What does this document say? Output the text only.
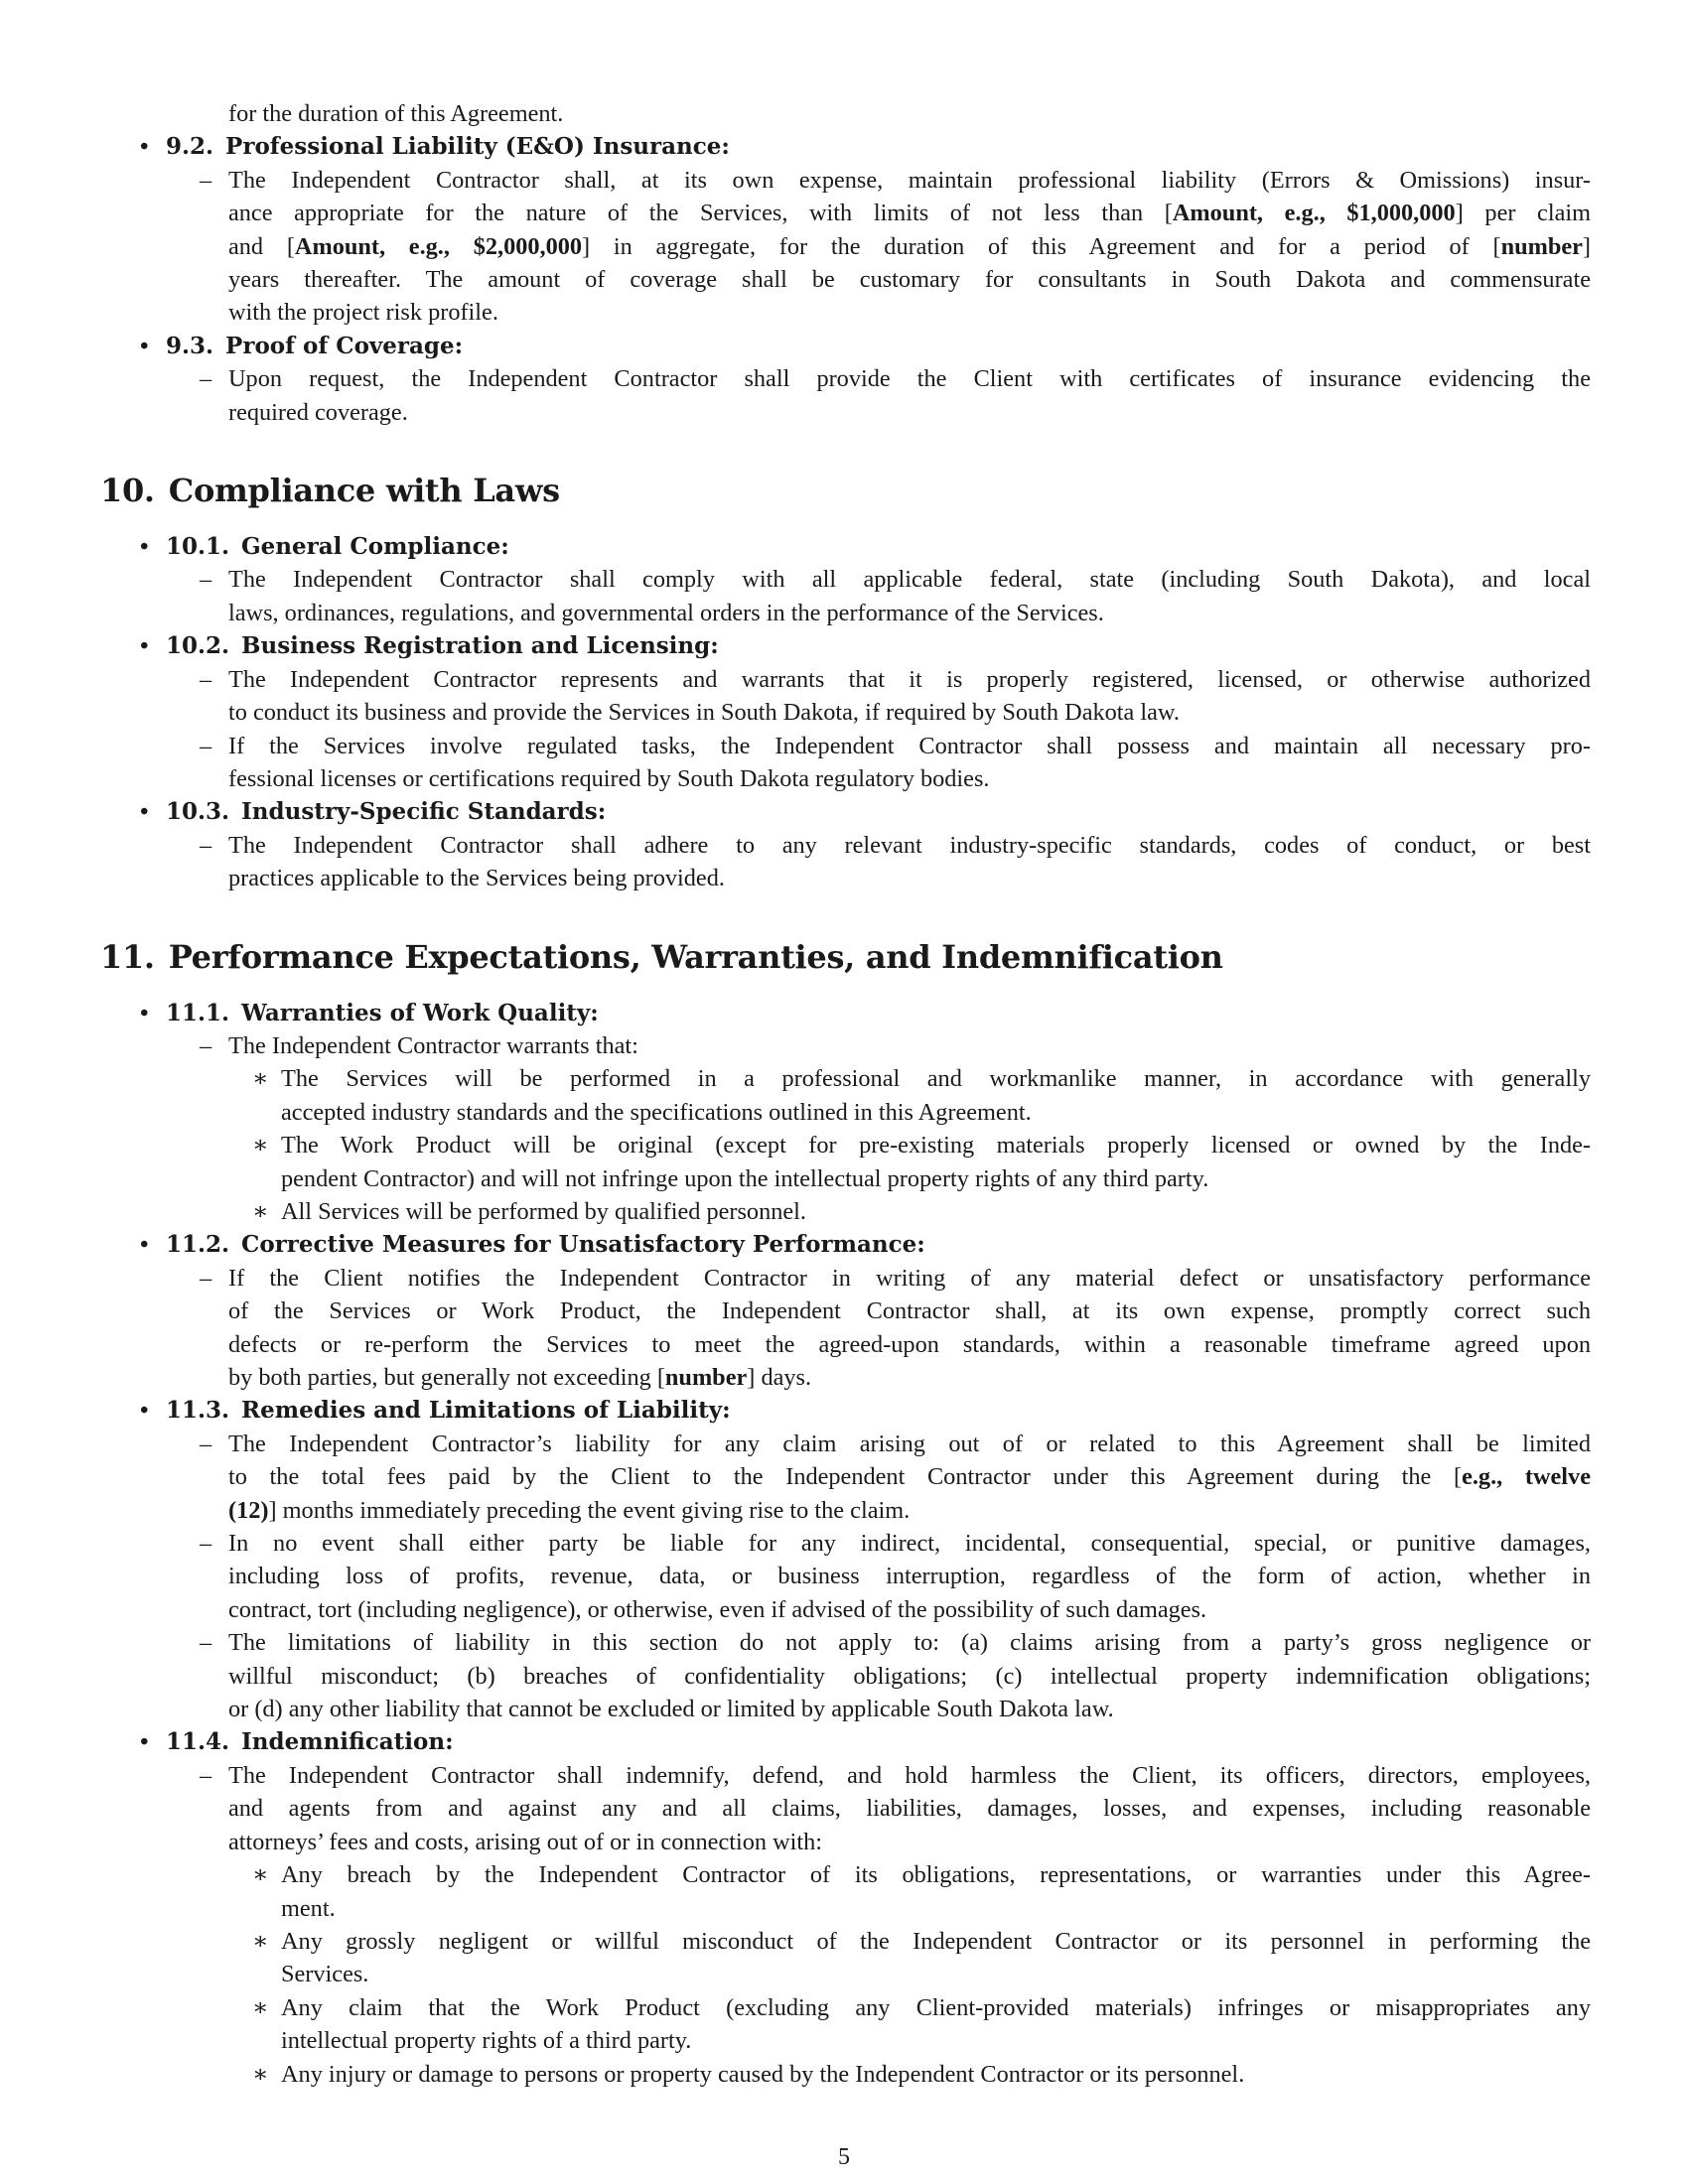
for the duration of this Agreement.
• 9.2. Professional Liability (E&O) Insurance:
– The Independent Contractor shall, at its own expense, maintain professional liability (Errors & Omissions) insur-
ance appropriate for the nature of the Services, with limits of not less than [Amount, e.g., $1,000,000] per claim
and [Amount, e.g., $2,000,000] in aggregate, for the duration of this Agreement and for a period of [number]
years thereafter. The amount of coverage shall be customary for consultants in South Dakota and commensurate
with the project risk profile.
• 9.3. Proof of Coverage:
– Upon request, the Independent Contractor shall provide the Client with certificates of insurance evidencing the
required coverage.
10. Compliance with Laws
• 10.1. General Compliance:
– The Independent Contractor shall comply with all applicable federal, state (including South Dakota), and local
laws, ordinances, regulations, and governmental orders in the performance of the Services.
• 10.2. Business Registration and Licensing:
– The Independent Contractor represents and warrants that it is properly registered, licensed, or otherwise authorized
to conduct its business and provide the Services in South Dakota, if required by South Dakota law.
– If the Services involve regulated tasks, the Independent Contractor shall possess and maintain all necessary pro-
fessional licenses or certifications required by South Dakota regulatory bodies.
• 10.3. Industry-Specific Standards:
– The Independent Contractor shall adhere to any relevant industry-specific standards, codes of conduct, or best
practices applicable to the Services being provided.
11. Performance Expectations, Warranties, and Indemnification
• 11.1. Warranties of Work Quality:
– The Independent Contractor warrants that:
∗ The Services will be performed in a professional and workmanlike manner, in accordance with generally
accepted industry standards and the specifications outlined in this Agreement.
∗ The Work Product will be original (except for pre-existing materials properly licensed or owned by the Inde-
pendent Contractor) and will not infringe upon the intellectual property rights of any third party.
∗ All Services will be performed by qualified personnel.
• 11.2. Corrective Measures for Unsatisfactory Performance:
– If the Client notifies the Independent Contractor in writing of any material defect or unsatisfactory performance
of the Services or Work Product, the Independent Contractor shall, at its own expense, promptly correct such
defects or re-perform the Services to meet the agreed-upon standards, within a reasonable timeframe agreed upon
by both parties, but generally not exceeding [number] days.
• 11.3. Remedies and Limitations of Liability:
– The Independent Contractor’s liability for any claim arising out of or related to this Agreement shall be limited
to the total fees paid by the Client to the Independent Contractor under this Agreement during the [e.g., twelve
(12)] months immediately preceding the event giving rise to the claim.
– In no event shall either party be liable for any indirect, incidental, consequential, special, or punitive damages,
including loss of profits, revenue, data, or business interruption, regardless of the form of action, whether in
contract, tort (including negligence), or otherwise, even if advised of the possibility of such damages.
– The limitations of liability in this section do not apply to: (a) claims arising from a party’s gross negligence or
willful misconduct; (b) breaches of confidentiality obligations; (c) intellectual property indemnification obligations;
or (d) any other liability that cannot be excluded or limited by applicable South Dakota law.
• 11.4. Indemnification:
– The Independent Contractor shall indemnify, defend, and hold harmless the Client, its officers, directors, employees,
and agents from and against any and all claims, liabilities, damages, losses, and expenses, including reasonable
attorneys’ fees and costs, arising out of or in connection with:
∗ Any breach by the Independent Contractor of its obligations, representations, or warranties under this Agree-
ment.
∗ Any grossly negligent or willful misconduct of the Independent Contractor or its personnel in performing the
Services.
∗ Any claim that the Work Product (excluding any Client-provided materials) infringes or misappropriates any
intellectual property rights of a third party.
∗ Any injury or damage to persons or property caused by the Independent Contractor or its personnel.
5
